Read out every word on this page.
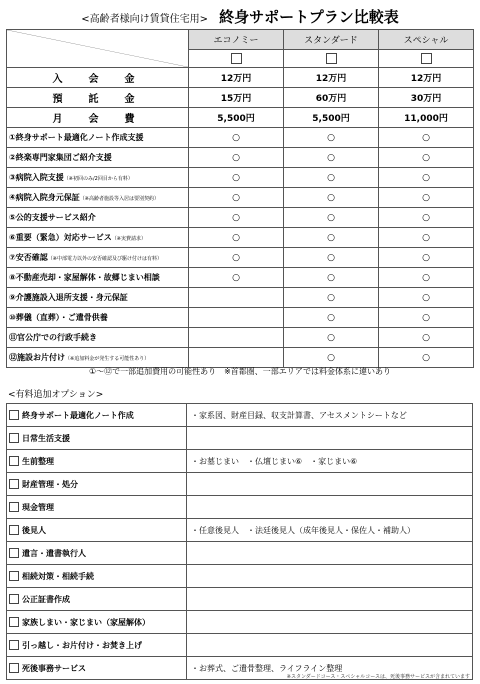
<高齢者様向け賃貸住宅用> 終身サポートプラン比較表
	エコノミー	スタンダード	スペシャル

入　会　金	12万円	12万円	12万円
預　託　金	15万円	60万円	30万円
月　会　費	5,500円	5,500円	11,000円
①終身サポート最適化ノート作成支援	○	○	○
②終楽専門家集団ご紹介支援	○	○	○
③病院入院支援（※初回のみ/2回目から有料）	○	○	○
④病院入院身元保証（※高齢者施設等入居は要別契約）	○	○	○
⑤公的支援サービス紹介	○	○	○
⑥重要（緊急）対応サービス（※実費請求）	○	○	○
⑦安否確認（※中部電力以外の安否確認及び駆け付けは有料）	○	○	○
⑧不動産売却・家屋解体・故郷じまい相談	○	○	○
⑨介護施設入退所支援・身元保証		○	○
⑩葬儀（直葬）・ご遺骨供養		○	○
⑪官公庁での行政手続き		○	○
⑫施設お片付け（※追加料金が発生する可能性あり）		○	○
①～⑫で一部追加費用の可能性あり　※首都圏、一部エリアでは料金体系に違いあり
<有料追加オプション>
終身サポート最適化ノート作成	・家系図、財産目録、収支計算書、アセスメントシートなど
日常生活支援	
生前整理	・お墓じまい　・仏壇じまい⑥　・家じまい⑥
財産管理・処分	
現金管理	
後見人	・任意後見人　・法廷後見人（成年後見人・保佐人・補助人）
遺言・遺書執行人	
相続対策・相続手続	
公正証書作成	
家族しまい・家じまい（家屋解体）	
引っ越し・お片付け・お焚き上げ	
死後事務サービス	・お葬式、ご遺骨整理、ライフライン整理
※スタンダードコース・スペシャルコースは、死後事務サービスが含まれています
